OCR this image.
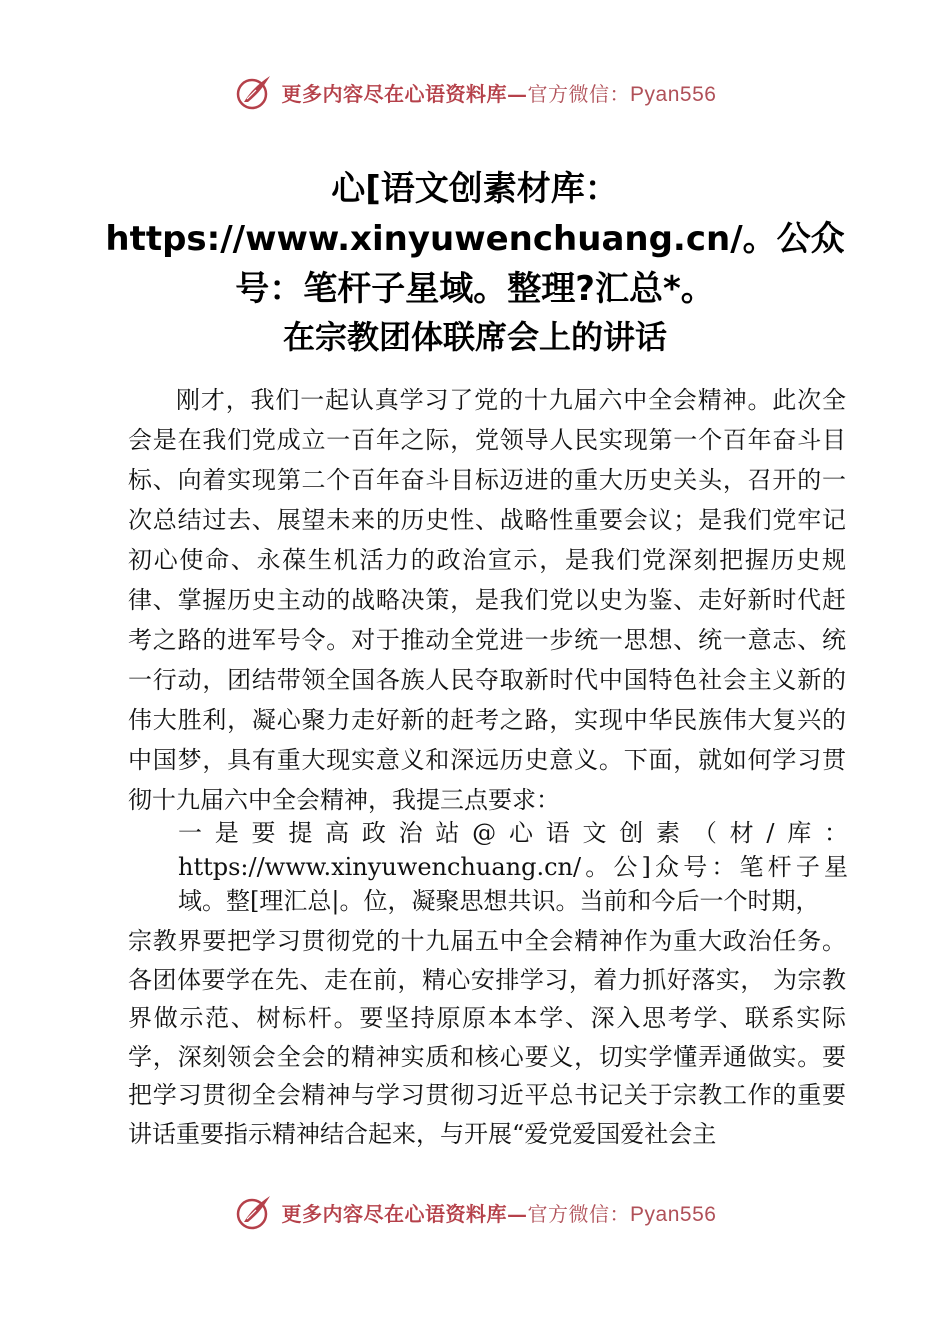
更多内容尽在心语资料库—官方微信：Pyan556
心[语文创素材库：https://www.xinyuwenchuang.cn/。公众号：笔杆子星域。整理?汇总*。
在宗教团体联席会上的讲话

刚才，我们一起认真学习了党的十九届六中全会精神。此次全会是在我们党成立一百年之际，党领导人民实现第一个百年奋斗目标、向着实现第二个百年奋斗目标迈进的重大历史关头，召开的一次总结过去、展望未来的历史性、战略性重要会议；是我们党牢记初心使命、永葆生机活力的政治宣示，是我们党深刻把握历史规律、掌握历史主动的战略决策，是我们党以史为鉴、走好新时代赶考之路的进军号令。对于推动全党进一步统一思想、统一意志、统一行动，团结带领全国各族人民夺取新时代中国特色社会主义新的伟大胜利，凝心聚力走好新的赶考之路，实现中华民族伟大复兴的中国梦，具有重大现实意义和深远历史意义。下面，就如何学习贯彻十九届六中全会精神，我提三点要求：

一是要提高政治站@心语文创素（材/库：https://www.xinyuwenchuang.cn/。公]众号：笔杆子星域。整[理汇总|。位，凝聚思想共识。当前和今后一个时期，

宗教界要把学习贯彻党的十九届五中全会精神作为重大政治任务。各团体要学在先、走在前，精心安排学习，着力抓好落实， 为宗教界做示范、树标杆。要坚持原原本本学、深入思考学、联系实际学，深刻领会全会的精神实质和核心要义，切实学懂弄通做实。要把学习贯彻全会精神与学习贯彻习近平总书记关于宗教工作的重要讲话重要指示精神结合起来，与开展“爱党爱国爱社会主

更多内容尽在心语资料库—官方微信：Pyan556
